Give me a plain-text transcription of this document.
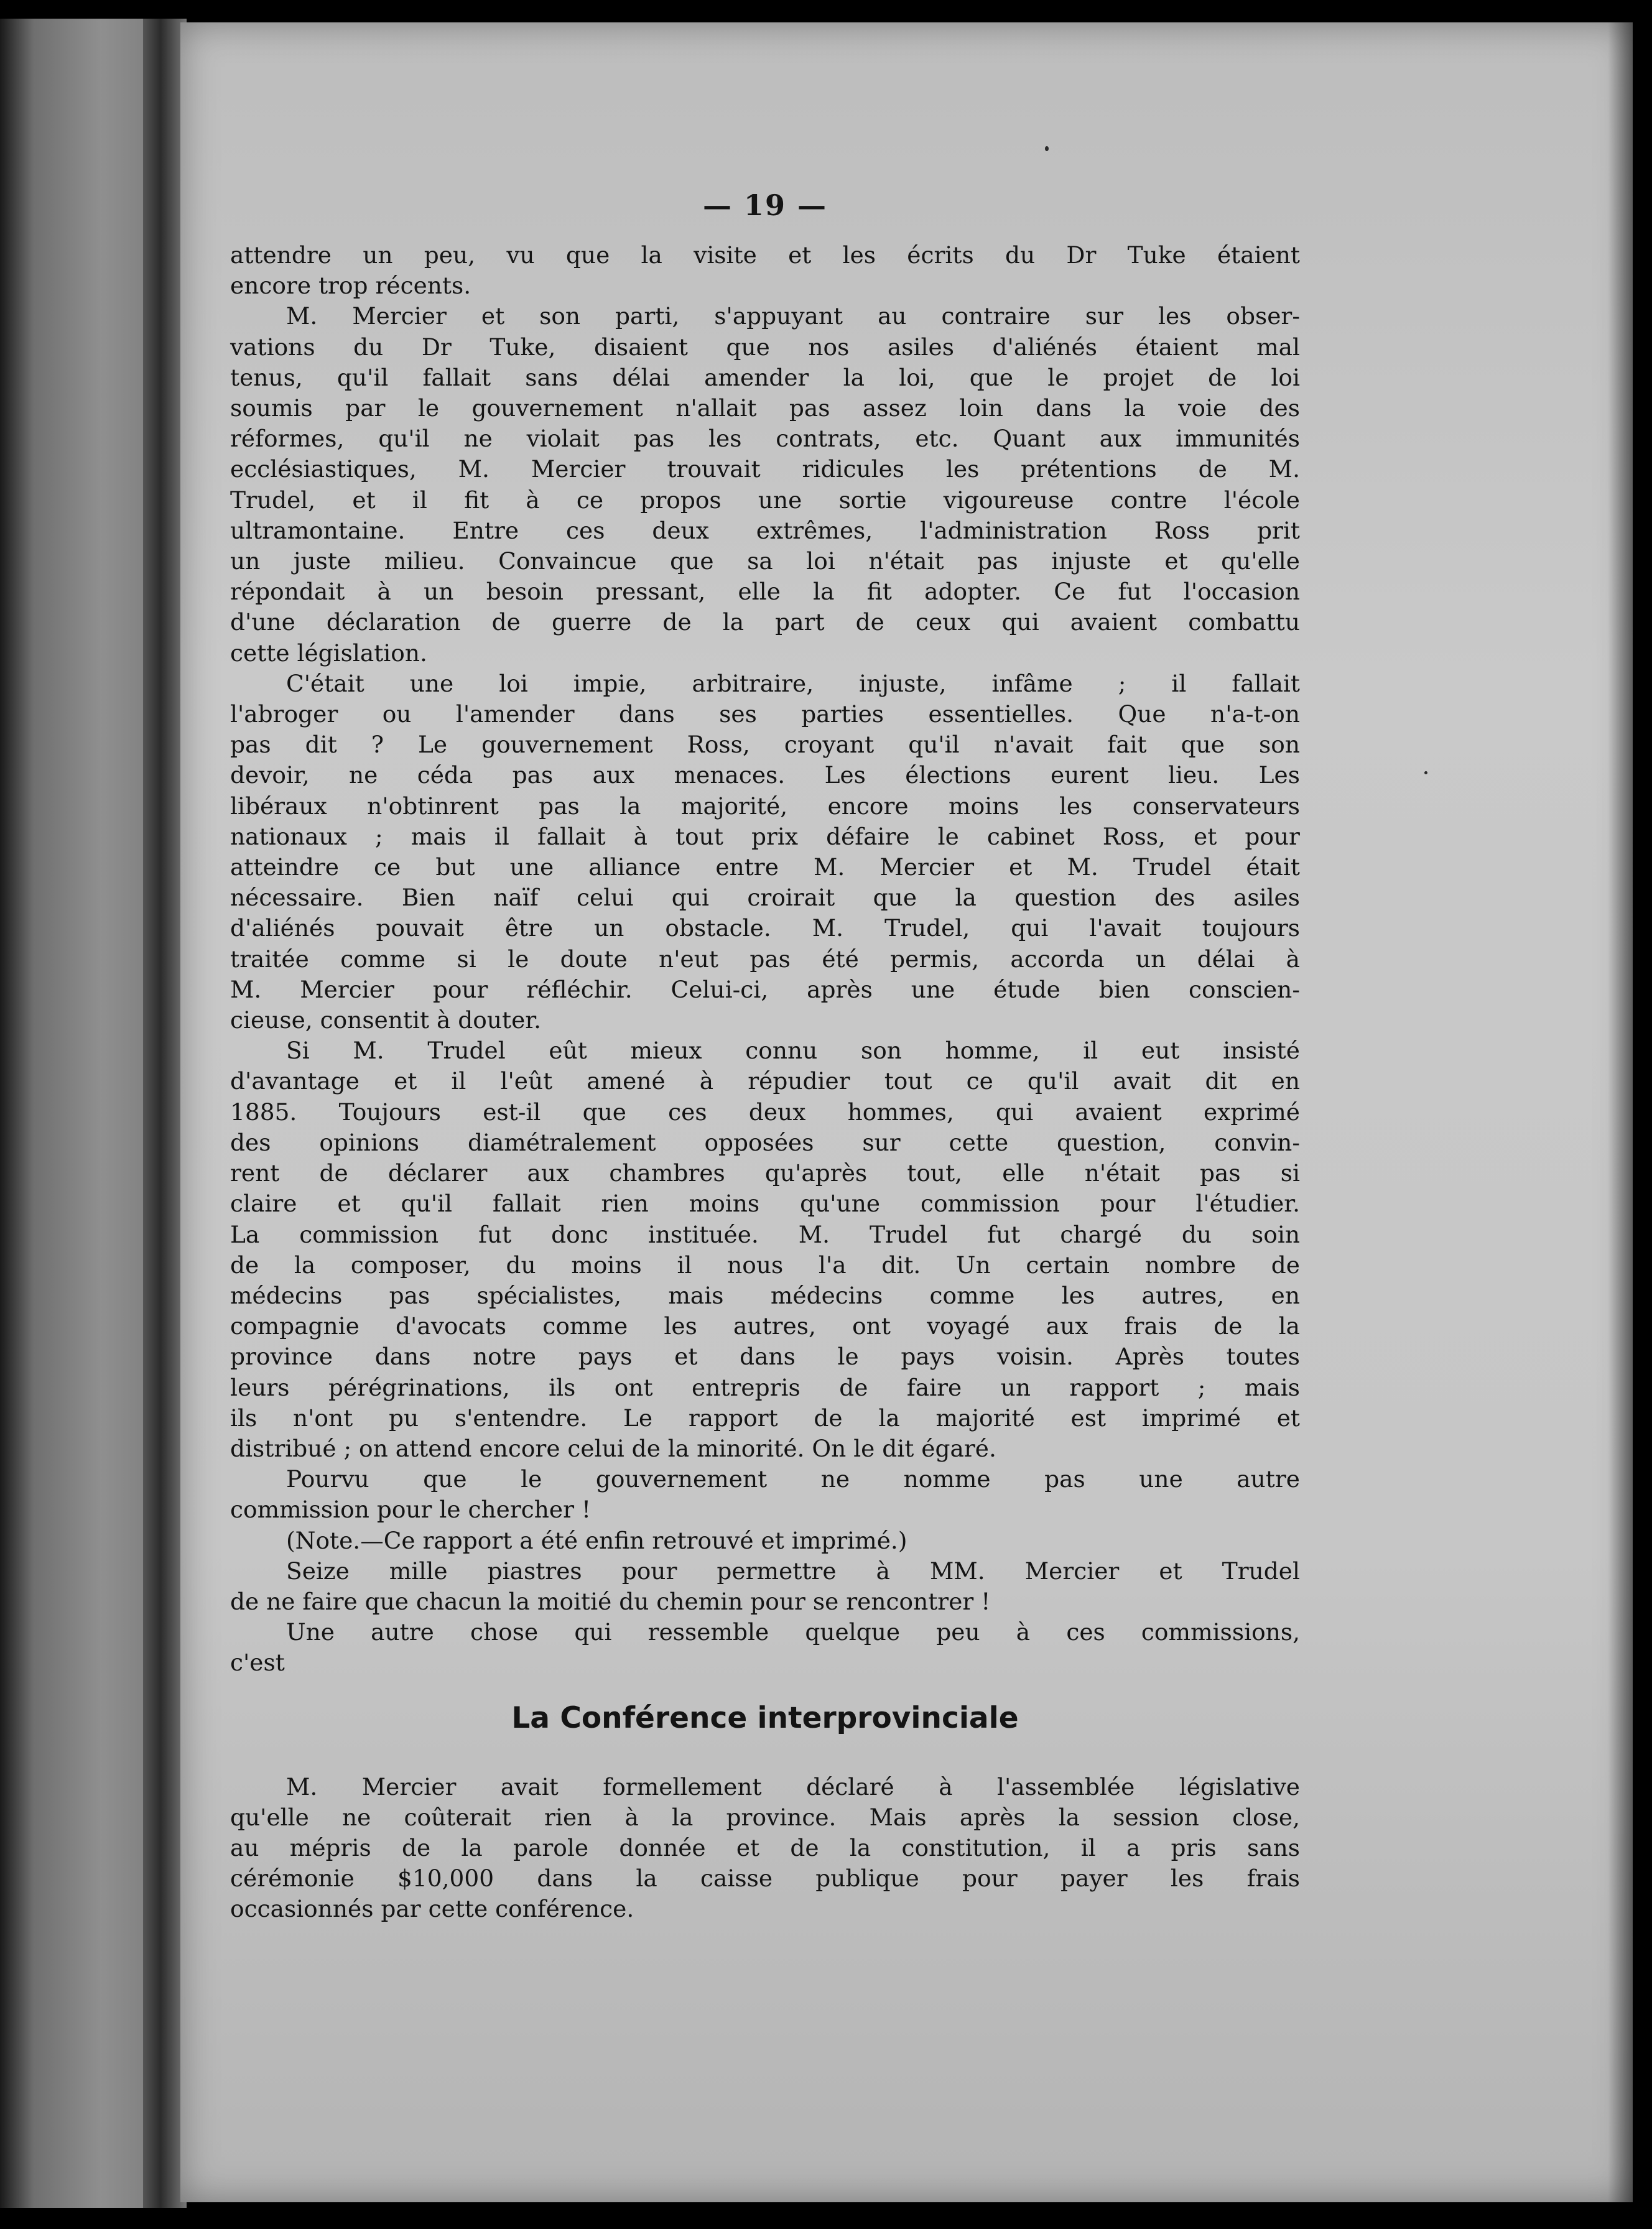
— 19 —
attendre un peu, vu que la visite et les écrits du Dr Tuke étaient
encore trop récents.
M. Mercier et son parti, s'appuyant au contraire sur les obser-
vations du Dr Tuke, disaient que nos asiles d'aliénés étaient mal
tenus, qu'il fallait sans délai amender la loi, que le projet de loi
soumis par le gouvernement n'allait pas assez loin dans la voie des
réformes, qu'il ne violait pas les contrats, etc. Quant aux immunités
ecclésiastiques, M. Mercier trouvait ridicules les prétentions de M.
Trudel, et il fit à ce propos une sortie vigoureuse contre l'école
ultramontaine. Entre ces deux extrêmes, l'administration Ross prit
un juste milieu. Convaincue que sa loi n'était pas injuste et qu'elle
répondait à un besoin pressant, elle la fit adopter. Ce fut l'occasion
d'une déclaration de guerre de la part de ceux qui avaient combattu
cette législation.
C'était une loi impie, arbitraire, injuste, infâme ; il fallait
l'abroger ou l'amender dans ses parties essentielles. Que n'a-t-on
pas dit ? Le gouvernement Ross, croyant qu'il n'avait fait que son
devoir, ne céda pas aux menaces. Les élections eurent lieu. Les
libéraux n'obtinrent pas la majorité, encore moins les conservateurs
nationaux ; mais il fallait à tout prix défaire le cabinet Ross, et pour
atteindre ce but une alliance entre M. Mercier et M. Trudel était
nécessaire. Bien naïf celui qui croirait que la question des asiles
d'aliénés pouvait être un obstacle. M. Trudel, qui l'avait toujours
traitée comme si le doute n'eut pas été permis, accorda un délai à
M. Mercier pour réfléchir. Celui-ci, après une étude bien conscien-
cieuse, consentit à douter.
Si M. Trudel eût mieux connu son homme, il eut insisté
d'avantage et il l'eût amené à répudier tout ce qu'il avait dit en
1885. Toujours est-il que ces deux hommes, qui avaient exprimé
des opinions diamétralement opposées sur cette question, convin-
rent de déclarer aux chambres qu'après tout, elle n'était pas si
claire et qu'il fallait rien moins qu'une commission pour l'étudier.
La commission fut donc instituée. M. Trudel fut chargé du soin
de la composer, du moins il nous l'a dit. Un certain nombre de
médecins pas spécialistes, mais médecins comme les autres, en
compagnie d'avocats comme les autres, ont voyagé aux frais de la
province dans notre pays et dans le pays voisin. Après toutes
leurs pérégrinations, ils ont entrepris de faire un rapport ; mais
ils n'ont pu s'entendre. Le rapport de la majorité est imprimé et
distribué ; on attend encore celui de la minorité. On le dit égaré.
Pourvu que le gouvernement ne nomme pas une autre
commission pour le chercher !
(Note.—Ce rapport a été enfin retrouvé et imprimé.)
Seize mille piastres pour permettre à MM. Mercier et Trudel
de ne faire que chacun la moitié du chemin pour se rencontrer !
Une autre chose qui ressemble quelque peu à ces commissions,
c'est
La Conférence interprovinciale
M. Mercier avait formellement déclaré à l'assemblée législative
qu'elle ne coûterait rien à la province. Mais après la session close,
au mépris de la parole donnée et de la constitution, il a pris sans
cérémonie $10,000 dans la caisse publique pour payer les frais
occasionnés par cette conférence.
